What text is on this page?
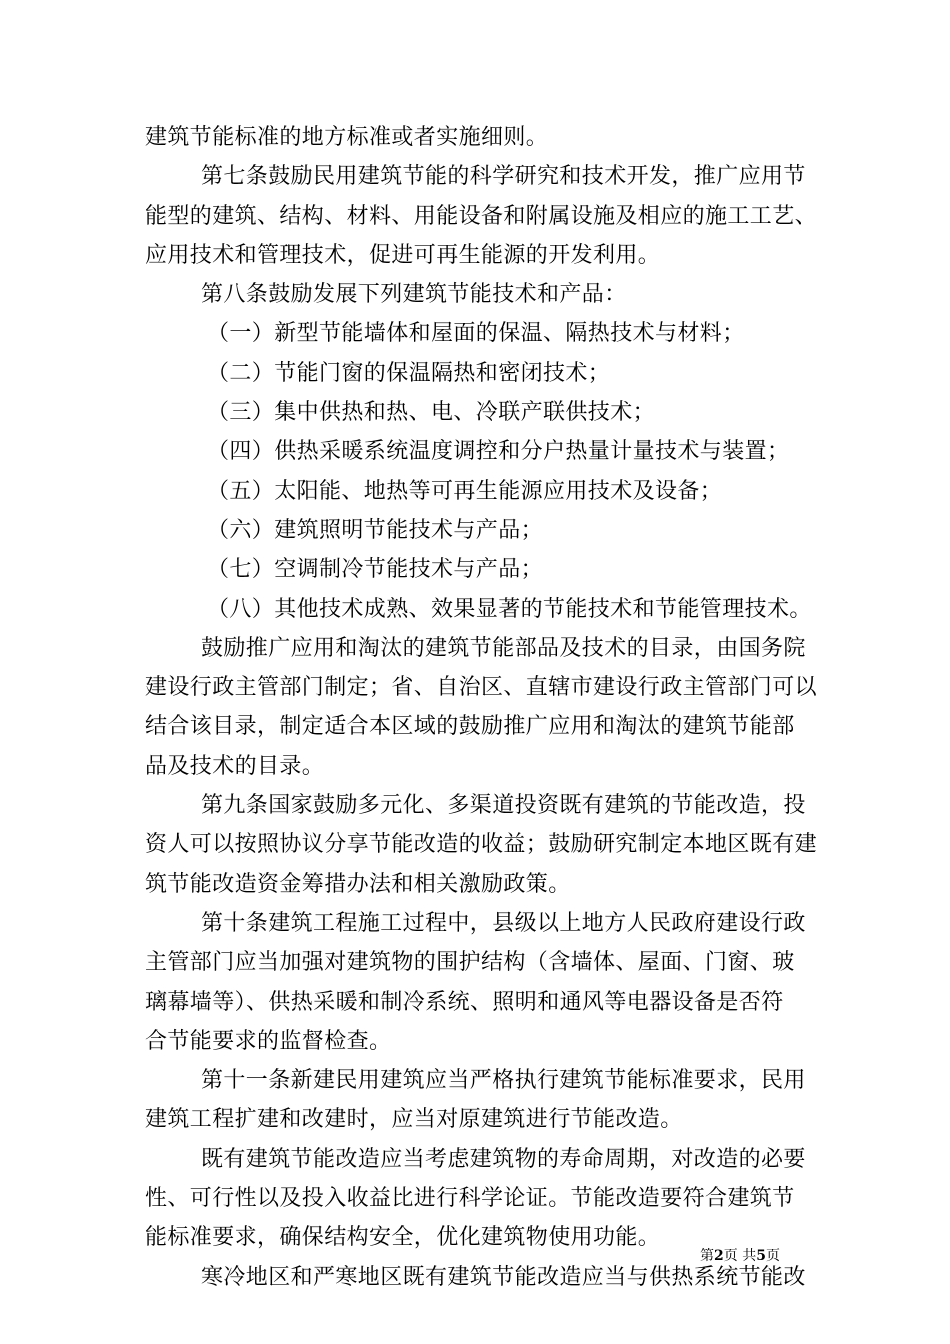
建筑节能标准的地方标准或者实施细则。
第七条鼓励民用建筑节能的科学研究和技术开发，推广应用节
能型的建筑、结构、材料、用能设备和附属设施及相应的施工工艺、
应用技术和管理技术，促进可再生能源的开发利用。
第八条鼓励发展下列建筑节能技术和产品：
（一）新型节能墙体和屋面的保温、隔热技术与材料；
（二）节能门窗的保温隔热和密闭技术；
（三）集中供热和热、电、冷联产联供技术；
（四）供热采暖系统温度调控和分户热量计量技术与装置；
（五）太阳能、地热等可再生能源应用技术及设备；
（六）建筑照明节能技术与产品；
（七）空调制冷节能技术与产品；
（八）其他技术成熟、效果显著的节能技术和节能管理技术。
鼓励推广应用和淘汰的建筑节能部品及技术的目录，由国务院
建设行政主管部门制定；省、自治区、直辖市建设行政主管部门可以
结合该目录，制定适合本区域的鼓励推广应用和淘汰的建筑节能部
品及技术的目录。
第九条国家鼓励多元化、多渠道投资既有建筑的节能改造，投
资人可以按照协议分享节能改造的收益；鼓励研究制定本地区既有建
筑节能改造资金筹措办法和相关激励政策。
第十条建筑工程施工过程中，县级以上地方人民政府建设行政
主管部门应当加强对建筑物的围护结构（含墙体、屋面、门窗、玻
璃幕墙等）、供热采暖和制冷系统、照明和通风等电器设备是否符
合节能要求的监督检查。
第十一条新建民用建筑应当严格执行建筑节能标准要求，民用
建筑工程扩建和改建时，应当对原建筑进行节能改造。
既有建筑节能改造应当考虑建筑物的寿命周期，对改造的必要
性、可行性以及投入收益比进行科学论证。节能改造要符合建筑节
能标准要求，确保结构安全，优化建筑物使用功能。
寒冷地区和严寒地区既有建筑节能改造应当与供热系统节能改
第2页 共5页
